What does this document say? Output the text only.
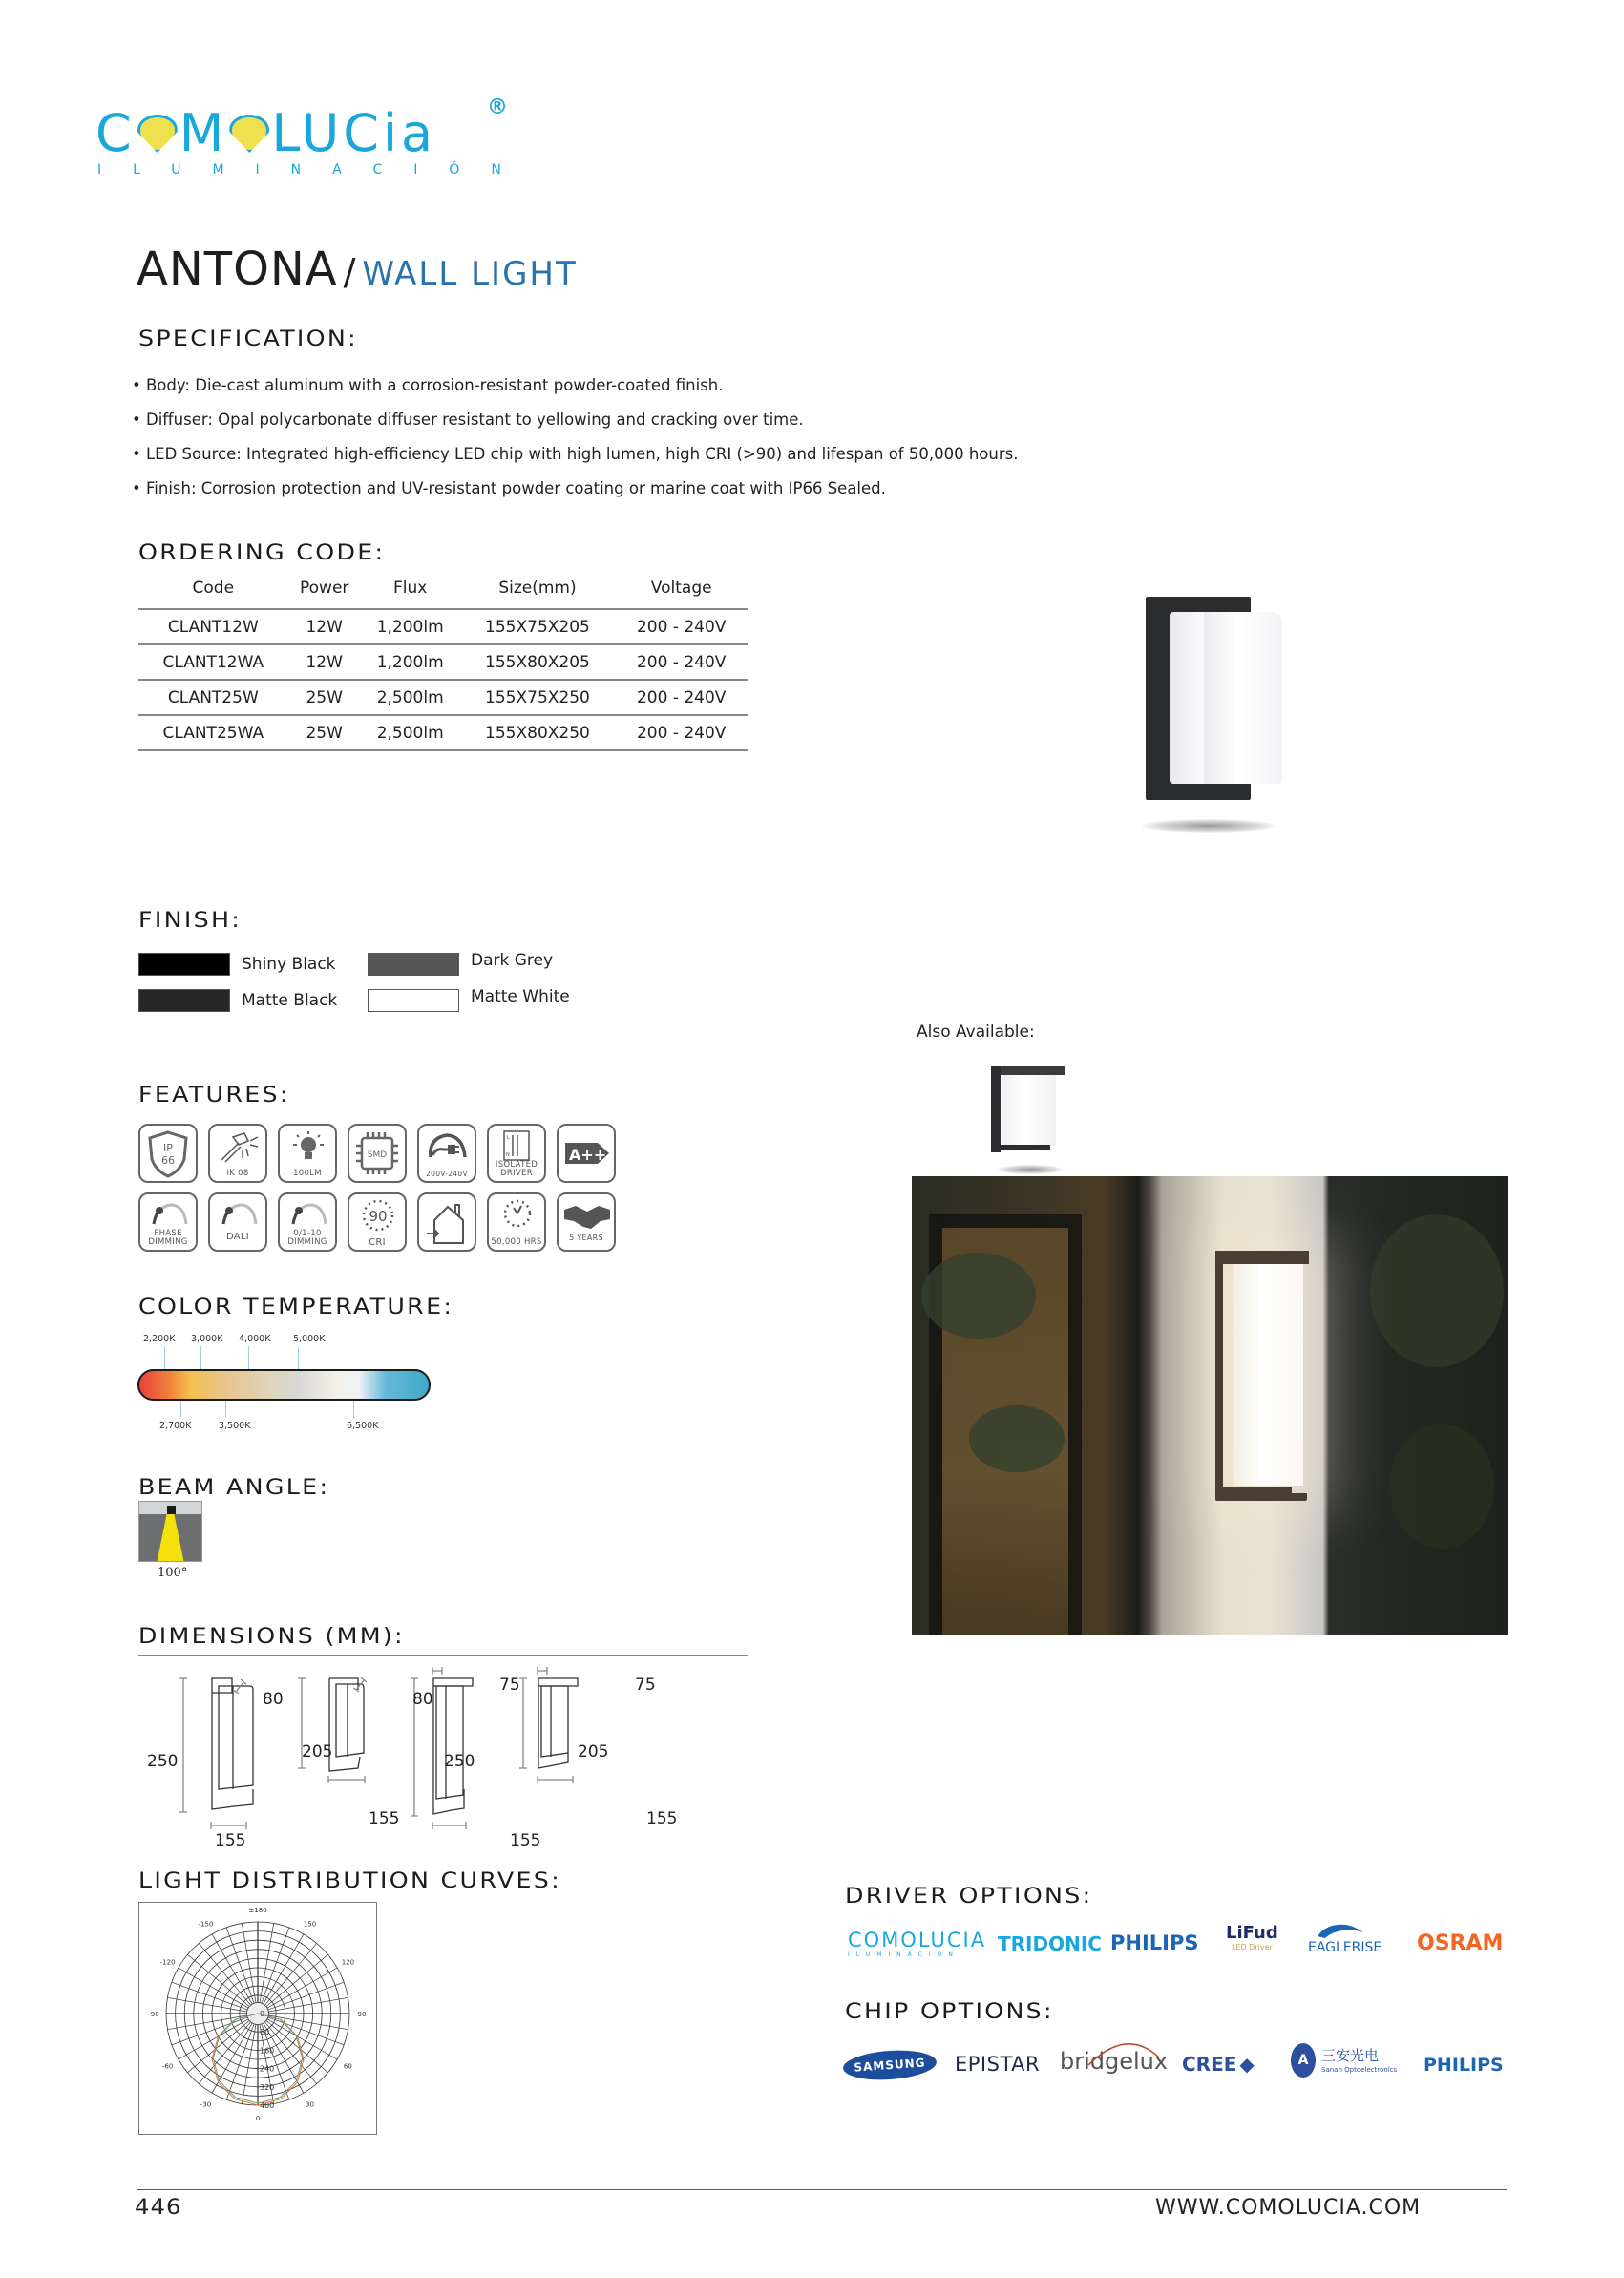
C M LUCia ®
ILUMINACIÓN
ANTONA / WALL LIGHT
SPECIFICATION:
• Body: Die-cast aluminum with a corrosion-resistant powder-coated finish.
• Diffuser: Opal polycarbonate diffuser resistant to yellowing and cracking over time.
• LED Source: Integrated high-efficiency LED chip with high lumen, high CRI (>90) and lifespan of 50,000 hours.
• Finish: Corrosion protection and UV-resistant powder coating or marine coat with IP66 Sealed.
ORDERING CODE:
Code	Power	Flux	Size(mm)	Voltage
CLANT12W	12W	1,200lm	155X75X205	200 - 240V
CLANT12WA	12W	1,200lm	155X80X205	200 - 240V
CLANT25W	25W	2,500lm	155X75X250	200 - 240V
CLANT25WA	25W	2,500lm	155X80X250	200 - 240V
FINISH:
Shiny Black
Matte Black
Dark Grey
Matte White
Also Available:
FEATURES:
IP
66
IK 08	100LM
SMD
200V-240V
L
N
ISOLATED DRIVER
A++
PHASE DIMMING	DALI	0/1-10 DIMMING
90
CRI	50,000 HRS	5 YEARS
COLOR TEMPERATURE:
2,200K 3,000K 4,000K 5,000K
2,700K	3,500K	6,500K
BEAM ANGLE:
100°
DIMENSIONS (MM):
250
155
80
205
155
80
250
155
75
205
155
75
LIGHT DISTRIBUTION CURVES:
±180
150
120
90
60
30
0
-30
-60
-90
-120
-150
0
80
160
240
320
400
DRIVER OPTIONS:
COMOLUCIA
ILUMINACIÓN	TRIDONIC PHILIPS LiFud
LED Driver	EAGLERISE OSRAM
CHIP OPTIONS:
SAMSUNG	EPISTAR bridgelux CREE ◆	A 三安光电
Sanan Optoelectronics PHILIPS
446	WWW.COMOLUCIA.COM
